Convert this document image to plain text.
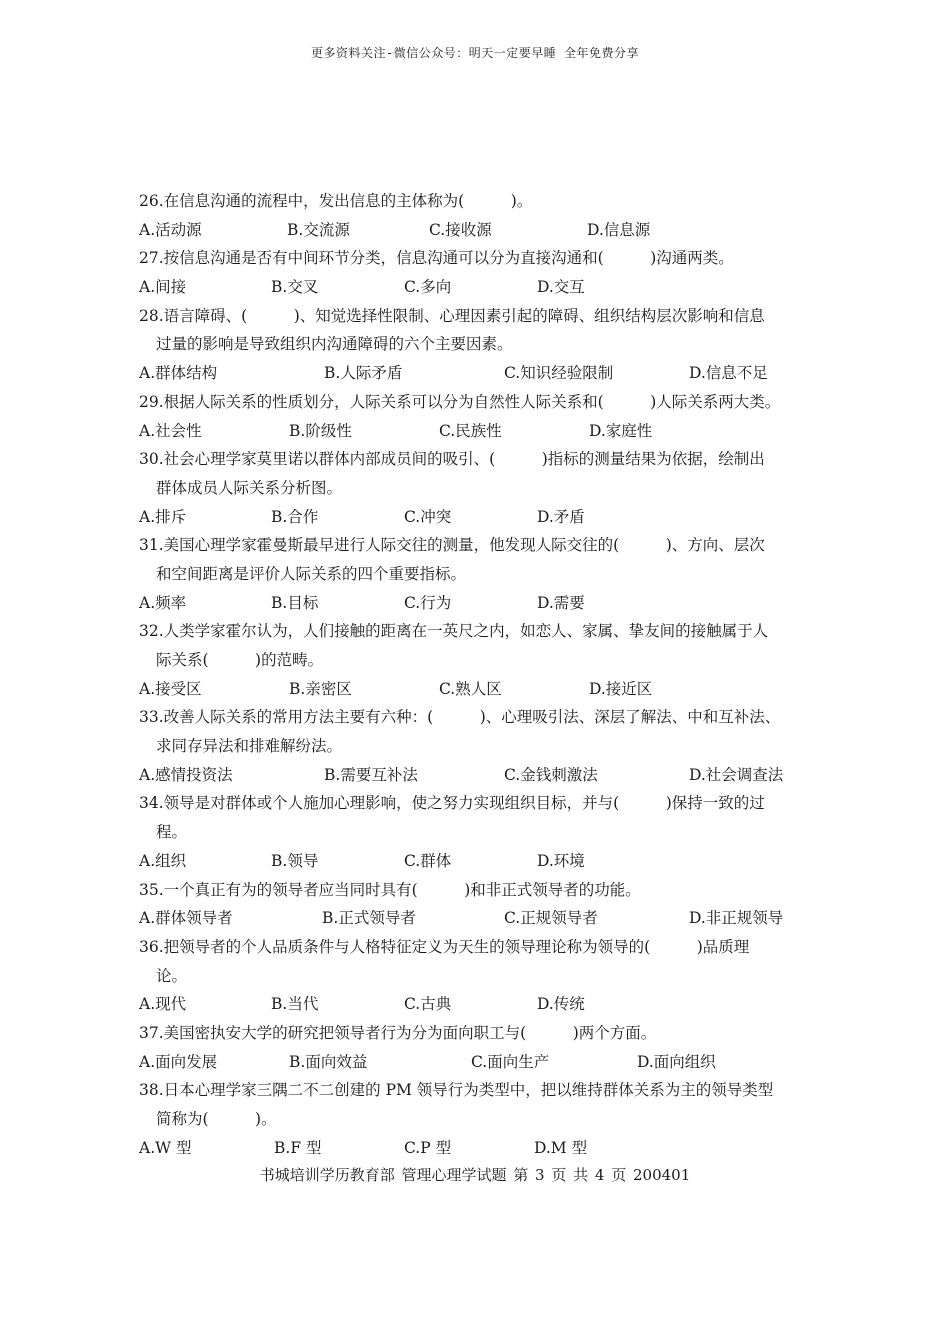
更多资料关注-微信公众号：明天一定要早睡 全年免费分享
26.在信息沟通的流程中，发出信息的主体称为(　　　)。
A.活动源	B.交流源	C.接收源	D.信息源
27.按信息沟通是否有中间环节分类，信息沟通可以分为直接沟通和(　　　)沟通两类。
A.间接	B.交叉	C.多向	D.交互
28.语言障碍、(　　　)、知觉选择性限制、心理因素引起的障碍、组织结构层次影响和信息
过量的影响是导致组织内沟通障碍的六个主要因素。
A.群体结构	B.人际矛盾	C.知识经验限制	D.信息不足
29.根据人际关系的性质划分，人际关系可以分为自然性人际关系和(　　　)人际关系两大类。
A.社会性	B.阶级性	C.民族性	D.家庭性
30.社会心理学家莫里诺以群体内部成员间的吸引、(　　　)指标的测量结果为依据，绘制出
群体成员人际关系分析图。
A.排斥	B.合作	C.冲突	D.矛盾
31.美国心理学家霍曼斯最早进行人际交往的测量，他发现人际交往的(　　　)、方向、层次
和空间距离是评价人际关系的四个重要指标。
A.频率	B.目标	C.行为	D.需要
32.人类学家霍尔认为，人们接触的距离在一英尺之内，如恋人、家属、挚友间的接触属于人
际关系(　　　)的范畴。
A.接受区	B.亲密区	C.熟人区	D.接近区
33.改善人际关系的常用方法主要有六种：(　　　)、心理吸引法、深层了解法、中和互补法、
求同存异法和排难解纷法。
A.感情投资法	B.需要互补法	C.金钱刺激法	D.社会调查法
34.领导是对群体或个人施加心理影响，使之努力实现组织目标，并与(　　　)保持一致的过
程。
A.组织	B.领导	C.群体	D.环境
35.一个真正有为的领导者应当同时具有(　　　)和非正式领导者的功能。
A.群体领导者	B.正式领导者	C.正规领导者	D.非正规领导
36.把领导者的个人品质条件与人格特征定义为天生的领导理论称为领导的(　　　)品质理
论。
A.现代	B.当代	C.古典	D.传统
37.美国密执安大学的研究把领导者行为分为面向职工与(　　　)两个方面。
A.面向发展	B.面向效益	C.面向生产	D.面向组织
38.日本心理学家三隅二不二创建的 PM 领导行为类型中，把以维持群体关系为主的领导类型
简称为(　　　)。
A.W 型	B.F 型	C.P 型	D.M 型
书城培训学历教育部 管理心理学试题 第 3 页 共 4 页 200401
